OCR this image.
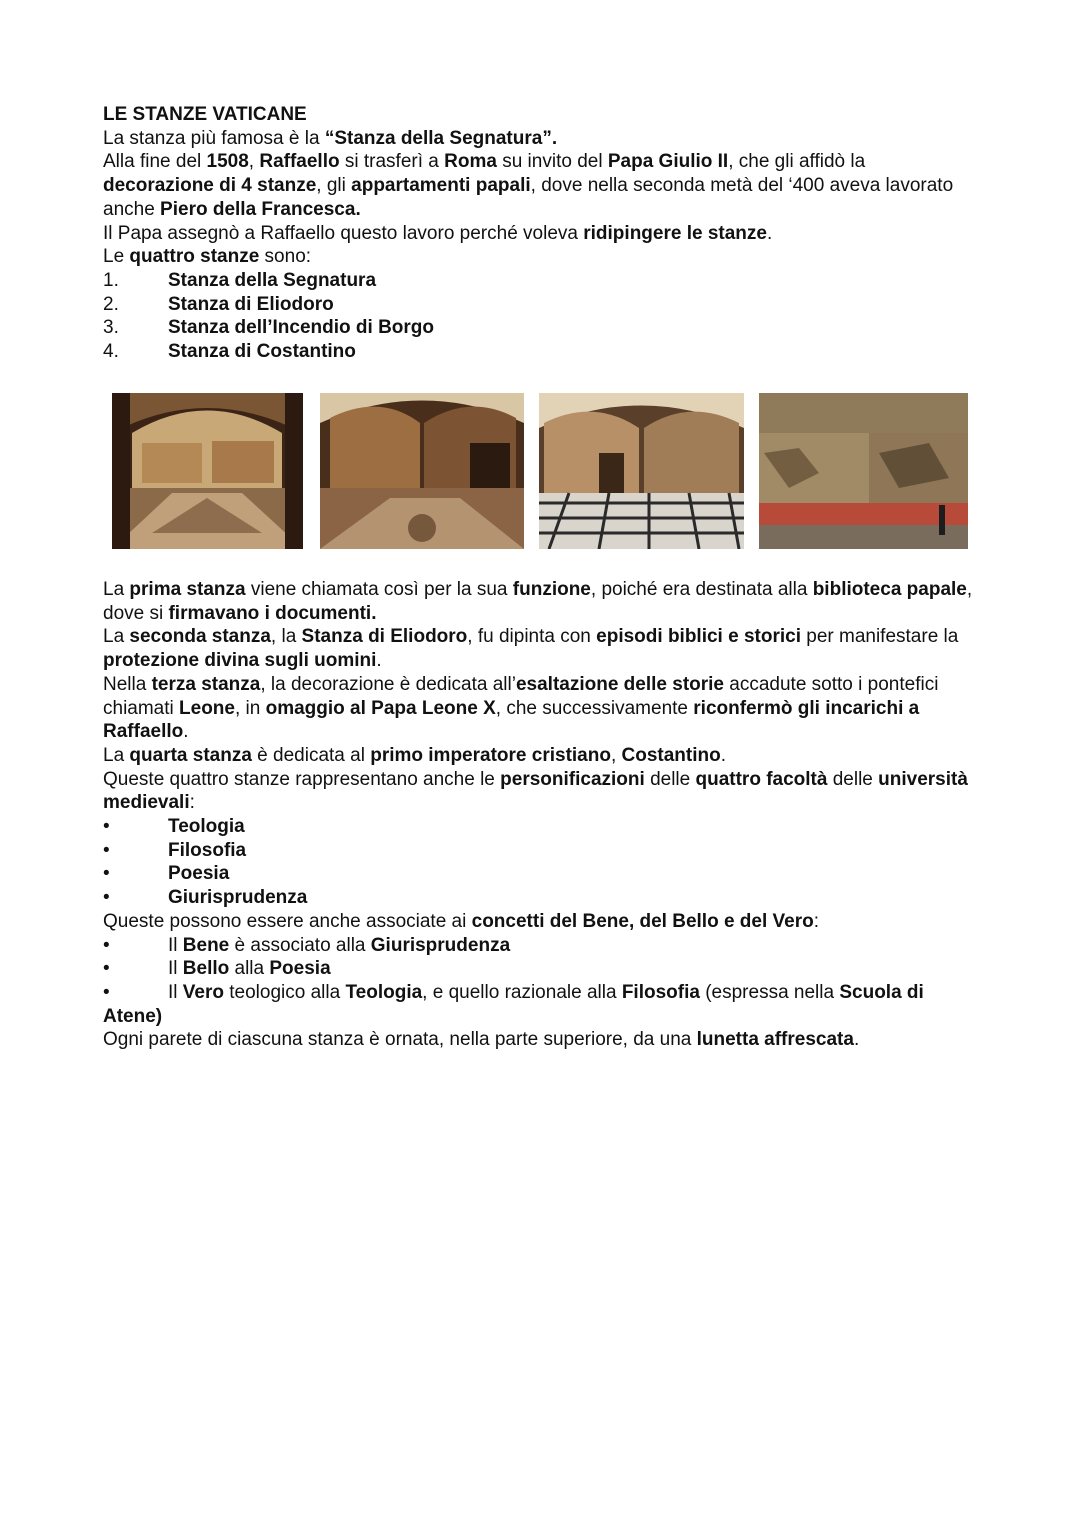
LE STANZE VATICANE

La stanza più famosa è la “Stanza della Segnatura”.

Alla fine del 1508, Raffaello si trasferì a Roma su invito del Papa Giulio II, che gli affidò la decorazione di 4 stanze, gli appartamenti papali, dove nella seconda metà del ‘400 aveva lavorato anche Piero della Francesca.

Il Papa assegnò a Raffaello questo lavoro perché voleva ridipingere le stanze.

Le quattro stanze sono:

1.	Stanza della Segnatura
2.	Stanza di Eliodoro
3.	Stanza dell’Incendio di Borgo
4.	Stanza di Costantino

La prima stanza viene chiamata così per la sua funzione, poiché era destinata alla biblioteca papale, dove si firmavano i documenti.

La seconda stanza, la Stanza di Eliodoro, fu dipinta con episodi biblici e storici per manifestare la protezione divina sugli uomini.

Nella terza stanza, la decorazione è dedicata all’esaltazione delle storie accadute sotto i pontefici chiamati Leone, in omaggio al Papa Leone X, che successivamente riconfermò gli incarichi a Raffaello.

La quarta stanza è dedicata al primo imperatore cristiano, Costantino.

Queste quattro stanze rappresentano anche le personificazioni delle quattro facoltà delle università medievali:

•	Teologia
•	Filosofia
•	Poesia
•	Giurisprudenza

Queste possono essere anche associate ai concetti del Bene, del Bello e del Vero:

•	Il Bene è associato alla Giurisprudenza
•	Il Bello alla Poesia
•	Il Vero teologico alla Teologia, e quello razionale alla Filosofia (espressa nella Scuola di Atene)

Ogni parete di ciascuna stanza è ornata, nella parte superiore, da una lunetta affrescata.
